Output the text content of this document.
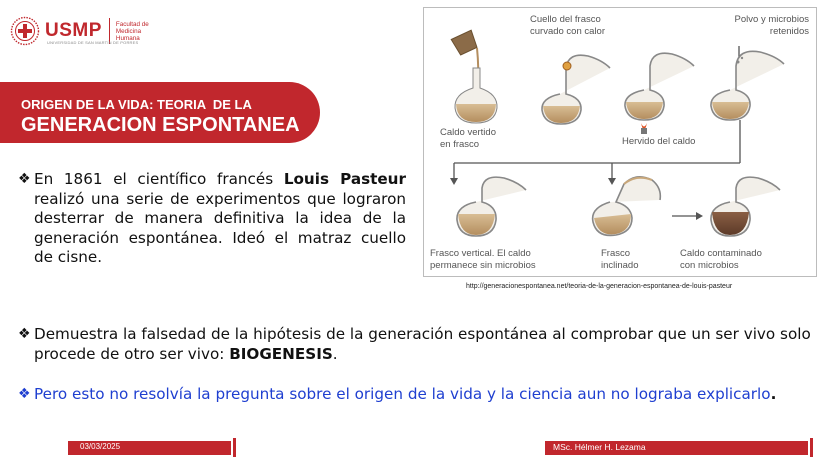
USMP
UNIVERSIDAD DE SAN MARTÍN DE PORRES
Facultad de
Medicina
Humana
ORIGEN DE LA VIDA: TEORIA  DE LA
GENERACION ESPONTANEA
Cuello del frasco
curvado con calor
Polvo y microbios
retenidos
Caldo vertido
en frasco	Hervido del caldo
Frasco vertical. El caldo
permanece sin microbios
Frasco
inclinado
Caldo contaminado
con microbios
http://generacionespontanea.net/teoria-de-la-generacion-espontanea-de-louis-pasteur
❖ En 1861 el científico francés Louis Pasteur realizó una serie de experimentos que lograron desterrar de manera definitiva la idea de la generación espontánea. Ideó el matraz cuello de cisne.
❖ Demuestra la falsedad de la hipótesis de la generación espontánea al comprobar que un ser vivo solo procede de otro ser vivo: BIOGENESIS.
❖ Pero esto no resolvía la pregunta sobre el origen de la vida y la ciencia aun no lograba explicarlo.
03/03/2025	MSc. Hélmer H. Lezama
